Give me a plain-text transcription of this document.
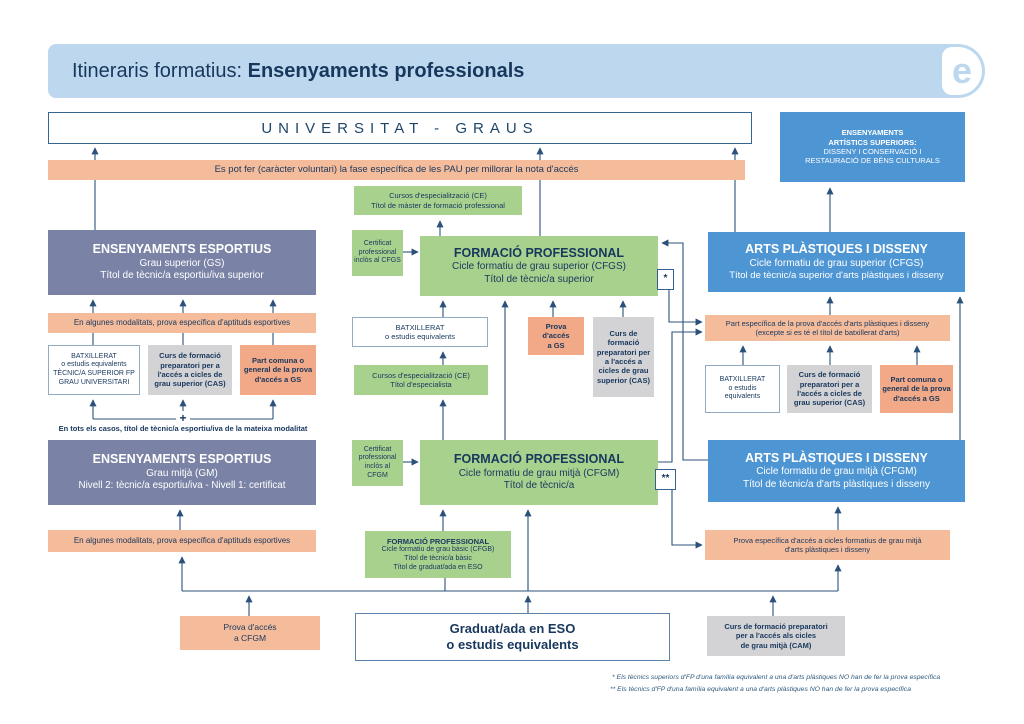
Itineraris formatius: Ensenyaments professionals	e
UNIVERSITAT - GRAUS	ENSENYAMENTS
ARTÍSTICS SUPERIORS:
DISSENY I CONSERVACIÓ I
RESTAURACIÓ DE BÉNS CULTURALS
Es pot fer (caràcter voluntari) la fase específica de les PAU per millorar la nota d'accés
ENSENYAMENTS ESPORTIUS
Grau superior (GS)
Títol de tècnic/a esportiu/iva superior
En algunes modalitats, prova específica d'aptituds esportives
BATXILLERAT
o estudis equivalents
TÈCNIC/A SUPERIOR FP
GRAU UNIVERSITARI
Curs de formació preparatori per a l'accés a cicles de grau superior (CAS)
Part comuna o general de la prova d'accés a GS
+
En tots els casos, títol de tècnic/a esportiu/iva de la mateixa modalitat
ENSENYAMENTS ESPORTIUS
Grau mitjà (GM)
Nivell 2: tècnic/a esportiu/iva - Nivell 1: certificat
En algunes modalitats, prova específica d'aptituds esportives
Cursos d'especialització (CE)
Títol de màster de formació professional
Certificat professional inclòs al CFGS
FORMACIÓ PROFESSIONAL
Cicle formatiu de grau superior (CFGS)
Títol de tècnic/a superior	*
BATXILLERAT
o estudis equivalents
Prova
d'accés
a GS
Curs de formació preparatori per a l'accés a cicles de grau superior (CAS)
Cursos d'especialització (CE)
Títol d'especialista
Certificat professional inclòs al CFGM
FORMACIÓ PROFESSIONAL
Cicle formatiu de grau mitjà (CFGM)
Títol de tècnic/a
**
FORMACIÓ PROFESSIONAL
Cicle formatiu de grau bàsic (CFGB)
Títol de tècnic/a bàsic
Títol de graduat/ada en ESO
ARTS PLÀSTIQUES I DISSENY
Cicle formatiu de grau superior (CFGS)
Títol de tècnic/a superior d'arts plàstiques i disseny
Part específica de la prova d'accés d'arts plàstiques i disseny
(excepte si es té el títol de batxillerat d'arts)
BATXILLERAT
o estudis
equivalents
Curs de formació preparatori per a l'accés a cicles de grau superior (CAS)
Part comuna o general de la prova d'accés a GS
ARTS PLÀSTIQUES I DISSENY
Cicle formatiu de grau mitjà (CFGM)
Títol de tècnic/a d'arts plàstiques i disseny
Prova específica d'accés a cicles formatius de grau mitjà
d'arts plàstiques i disseny
Prova d'accés
a CFGM
Graduat/ada en ESO
o estudis equivalents
Curs de formació preparatori
per a l'accés als cicles
de grau mitjà (CAM)
* Els tècnics superiors d'FP d'una família equivalent a una d'arts plàstiques NO han de fer la prova específica
** Els tècnics d'FP d'una família equivalent a una d'arts plàstiques NO han de fer la prova específica
